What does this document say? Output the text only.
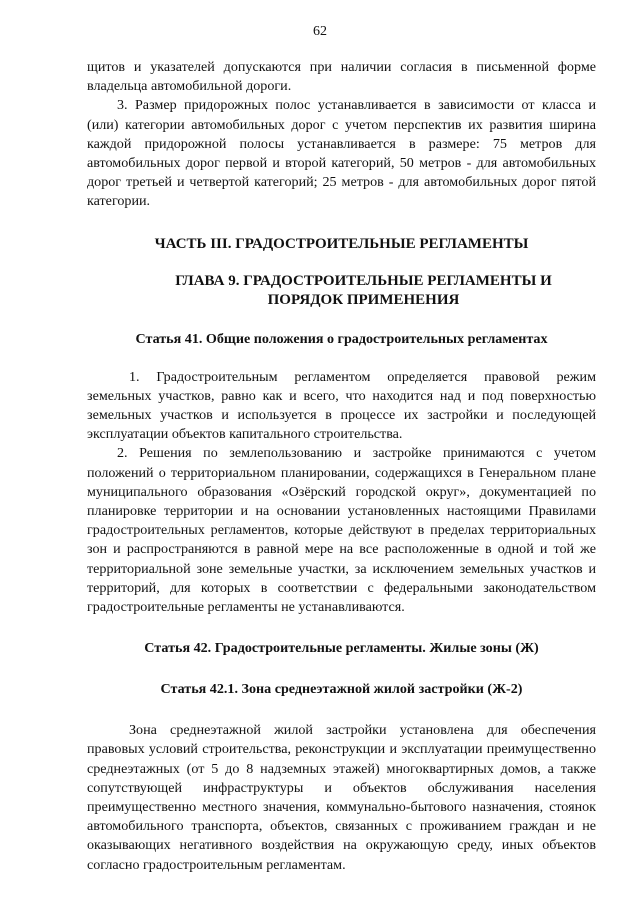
62

щитов и указателей допускаются при наличии согласия в письменной форме владельца автомобильной дороги.

3. Размер придорожных полос устанавливается в зависимости от класса и (или) категории автомобильных дорог с учетом перспектив их развития ширина каждой придорожной полосы устанавливается в размере: 75 метров для автомобильных дорог первой и второй категорий, 50 метров - для автомобильных дорог третьей и четвертой категорий; 25 метров - для автомобильных дорог пятой категории.

ЧАСТЬ III. ГРАДОСТРОИТЕЛЬНЫЕ РЕГЛАМЕНТЫ
ГЛАВА 9. ГРАДОСТРОИТЕЛЬНЫЕ РЕГЛАМЕНТЫ И ПОРЯДОК ПРИМЕНЕНИЯ
Статья 41. Общие положения о градостроительных регламентах

1. Градостроительным регламентом определяется правовой режим земельных участков, равно как и всего, что находится над и под поверхностью земельных участков и используется в процессе их застройки и последующей эксплуатации объектов капитального строительства.

2. Решения по землепользованию и застройке принимаются с учетом положений о территориальном планировании, содержащихся в Генеральном плане муниципального образования «Озёрский городской округ», документацией по планировке территории и на основании установленных настоящими Правилами градостроительных регламентов, которые действуют в пределах территориальных зон и распространяются в равной мере на все расположенные в одной и той же территориальной зоне земельные участки, за исключением земельных участков и территорий, для которых в соответствии с федеральными законодательством градостроительные регламенты не устанавливаются.

Статья 42. Градостроительные регламенты. Жилые зоны (Ж)
Статья 42.1. Зона среднеэтажной жилой застройки (Ж-2)

Зона среднеэтажной жилой застройки установлена для обеспечения правовых условий строительства, реконструкции и эксплуатации преимущественно среднеэтажных (от 5 до 8 надземных этажей) многоквартирных домов, а также сопутствующей инфраструктуры и объектов обслуживания населения преимущественно местного значения, коммунально-бытового назначения, стоянок автомобильного транспорта, объектов, связанных с проживанием граждан и не оказывающих негативного воздействия на окружающую среду, иных объектов согласно градостроительным регламентам.
